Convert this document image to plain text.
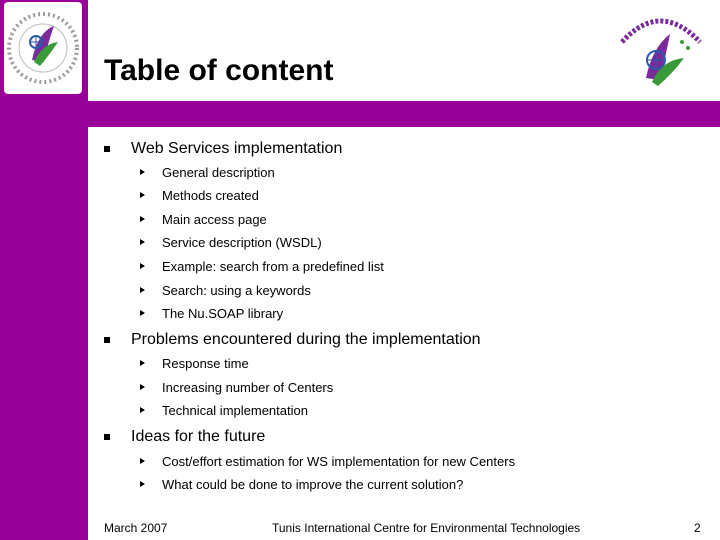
Table of content
Web Services implementation
General description
Methods created
Main access page
Service description (WSDL)
Example: search from a predefined list
Search: using a keywords
The Nu.SOAP library
Problems encountered during the implementation
Response time
Increasing number of Centers
Technical implementation
Ideas for the future
Cost/effort estimation for WS implementation for new Centers
What could be done to improve the current solution?
March 2007	Tunis International Centre for Environmental Technologies	2
